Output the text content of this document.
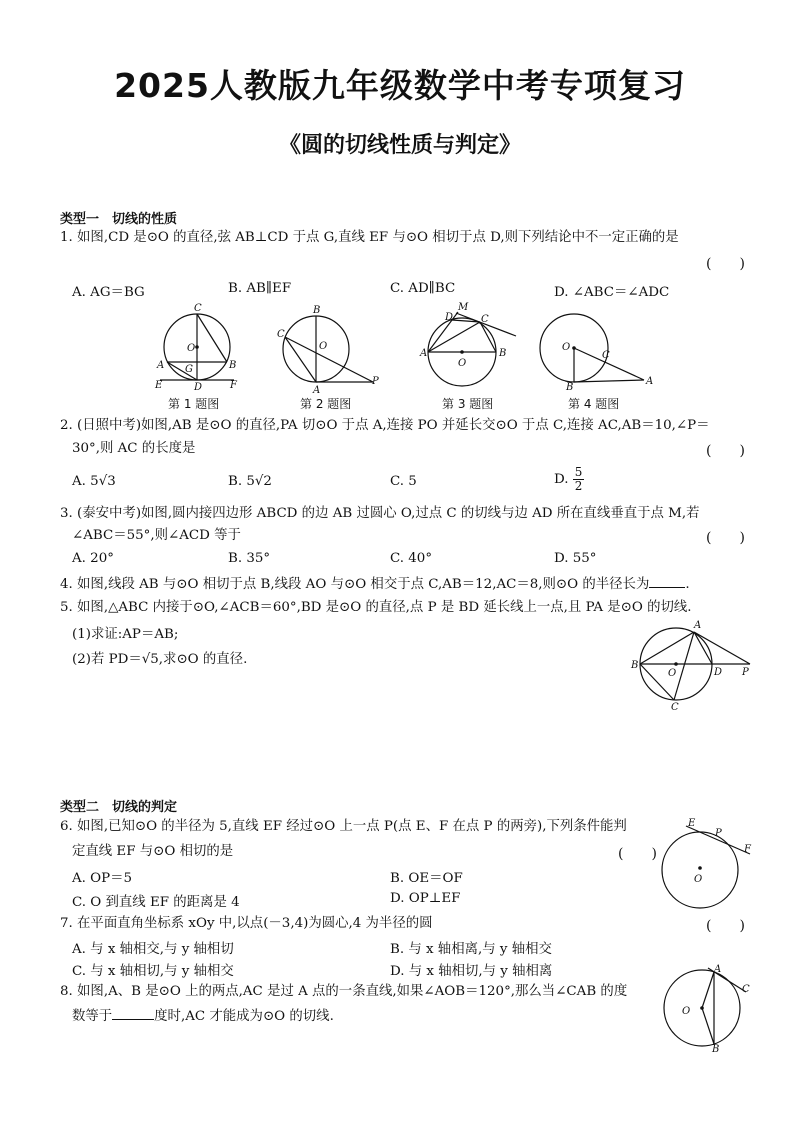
2025人教版九年级数学中考专项复习
《圆的切线性质与判定》
类型一　切线的性质
1. 如图,CD 是⊙O 的直径,弦 AB⊥CD 于点 G,直线 EF 与⊙O 相切于点 D,则下列结论中不一定正确的是
(　　)
A. AG＝BG	B. AB∥EF	C. AD∥BC	D. ∠ABC＝∠ADC
C
O
A G	B
E	D	F
B
C
O
A
P
M
D	C
A
O
B
O
C
B
A
第 1 题图	第 2 题图	第 3 题图	第 4 题图
2. (日照中考)如图,AB 是⊙O 的直径,PA 切⊙O 于点 A,连接 PO 并延长交⊙O 于点 C,连接 AC,AB＝10,∠P＝
30°,则 AC 的长度是	(　　)
A. 5√3	B. 5√2	C. 5	D. $\frac{5}{2}$
3. (泰安中考)如图,圆内接四边形 ABCD 的边 AB 过圆心 O,过点 C 的切线与边 AD 所在直线垂直于点 M,若
∠ABC＝55°,则∠ACD 等于	(　　)
A. 20°	B. 35°	C. 40°	D. 55°
4. 如图,线段 AB 与⊙O 相切于点 B,线段 AO 与⊙O 相交于点 C,AB＝12,AC＝8,则⊙O 的半径长为	.
5. 如图,△ABC 内接于⊙O,∠ACB＝60°,BD 是⊙O 的直径,点 P 是 BD 延长线上一点,且 PA 是⊙O 的切线.
(1)求证:AP＝AB;
(2)若 PD＝√5,求⊙O 的直径.
A
B
O	D P
C
类型二　切线的判定
6. 如图,已知⊙O 的半径为 5,直线 EF 经过⊙O 上一点 P(点 E、F 在点 P 的两旁),下列条件能判
定直线 EF 与⊙O 相切的是	(　　)
A. OP＝5	B. OE＝OF
C. O 到直线 EF 的距离是 4	D. OP⊥EF
E
P
F
O
7. 在平面直角坐标系 xOy 中,以点(－3,4)为圆心,4 为半径的圆	(　　)
A. 与 x 轴相交,与 y 轴相切	B. 与 x 轴相离,与 y 轴相交
C. 与 x 轴相切,与 y 轴相交	D. 与 x 轴相切,与 y 轴相离
8. 如图,A、B 是⊙O 上的两点,AC 是过 A 点的一条直线,如果∠AOB＝120°,那么当∠CAB 的度
数等于	度时,AC 才能成为⊙O 的切线.
A
C
O
B
